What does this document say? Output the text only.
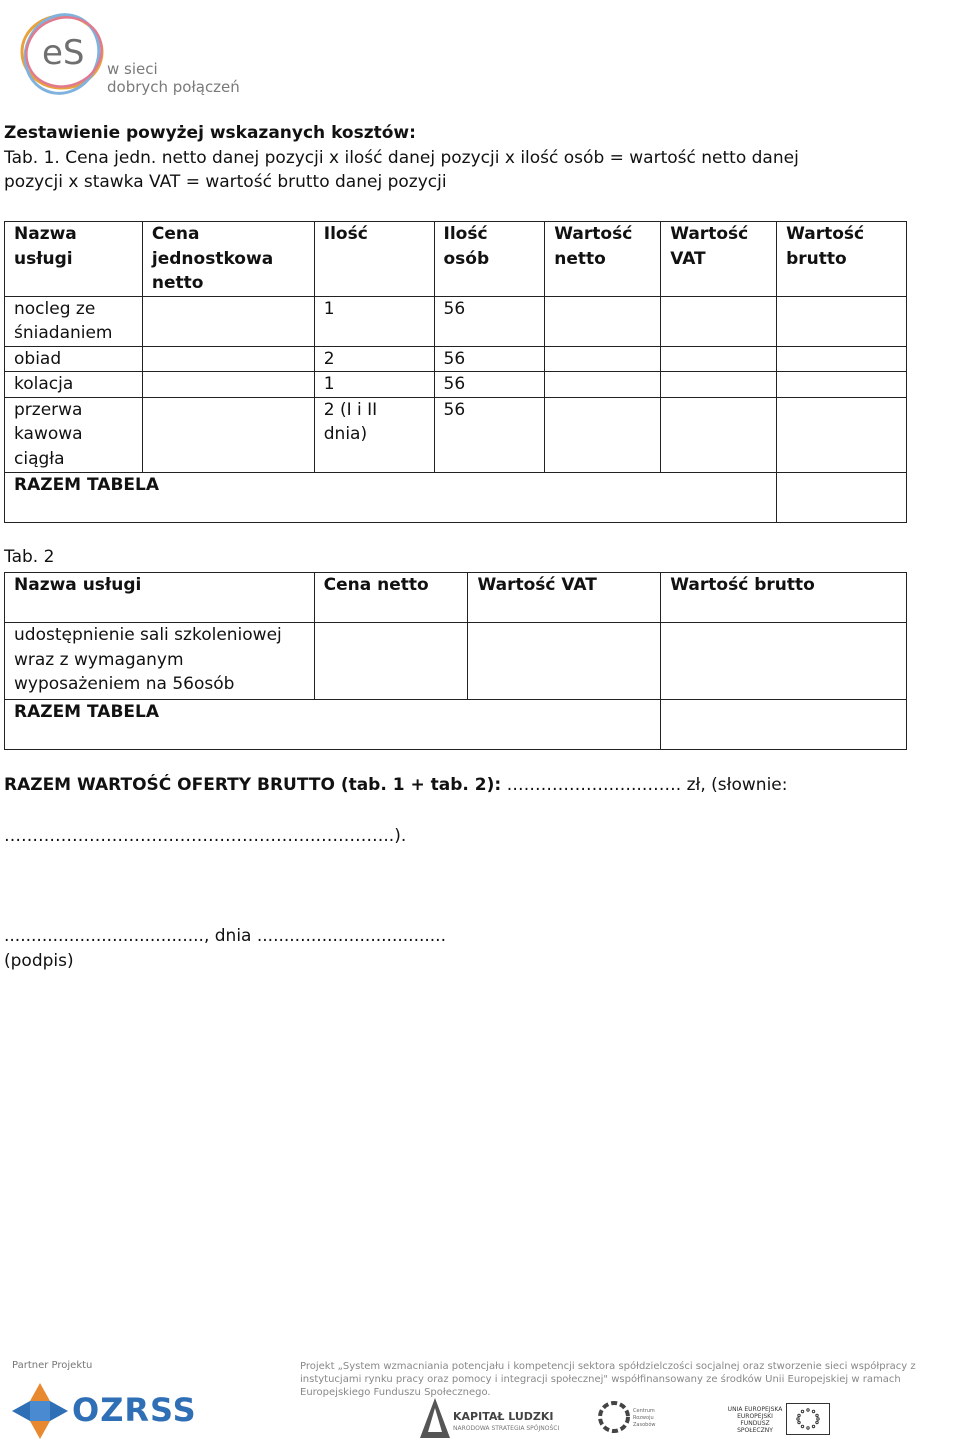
eS w sieci
dobrych połączeń
Zestawienie powyżej wskazanych kosztów:
Tab. 1. Cena jedn. netto danej pozycji x ilość danej pozycji x ilość osób = wartość netto danej
pozycji x stawka VAT = wartość brutto danej pozycji
Nazwa usługi	Cena jednostkowa netto	Ilość	Ilość osób	Wartość netto	Wartość VAT	Wartość brutto
nocleg ze śniadaniem		1	56			
obiad		2	56			
kolacja		1	56			
przerwa kawowa ciągła		2 (I i II dnia)	56			
RAZEM TABELA						
Tab. 2
Nazwa usługi	Cena netto	Wartość VAT	Wartość brutto
udostępnienie sali szkoleniowej wraz z wymaganym wyposażeniem na 56osób			
RAZEM TABELA			
RAZEM WARTOŚĆ OFERTY BRUTTO (tab. 1 + tab. 2): ……………….…..……. zł, (słownie:
……………………………………………….…………..).
....................................., dnia ...................................
(podpis)
Partner Projektu
OZRSS
Projekt „System wzmacniania potencjału i kompetencji sektora spółdzielczości socjalnej oraz stworzenie sieci współpracy z instytucjami rynku pracy oraz pomocy i integracji społecznej" współfinansowany ze środków Unii Europejskiej w ramach Europejskiego Funduszu Społecznego.
KAPITAŁ LUDZKI
NARODOWA STRATEGIA SPÓJNOŚCI
Centrum
Rozwoju
Zasobów
UNIA EUROPEJSKA EUROPEJSKI FUNDUSZ SPOŁECZNY
